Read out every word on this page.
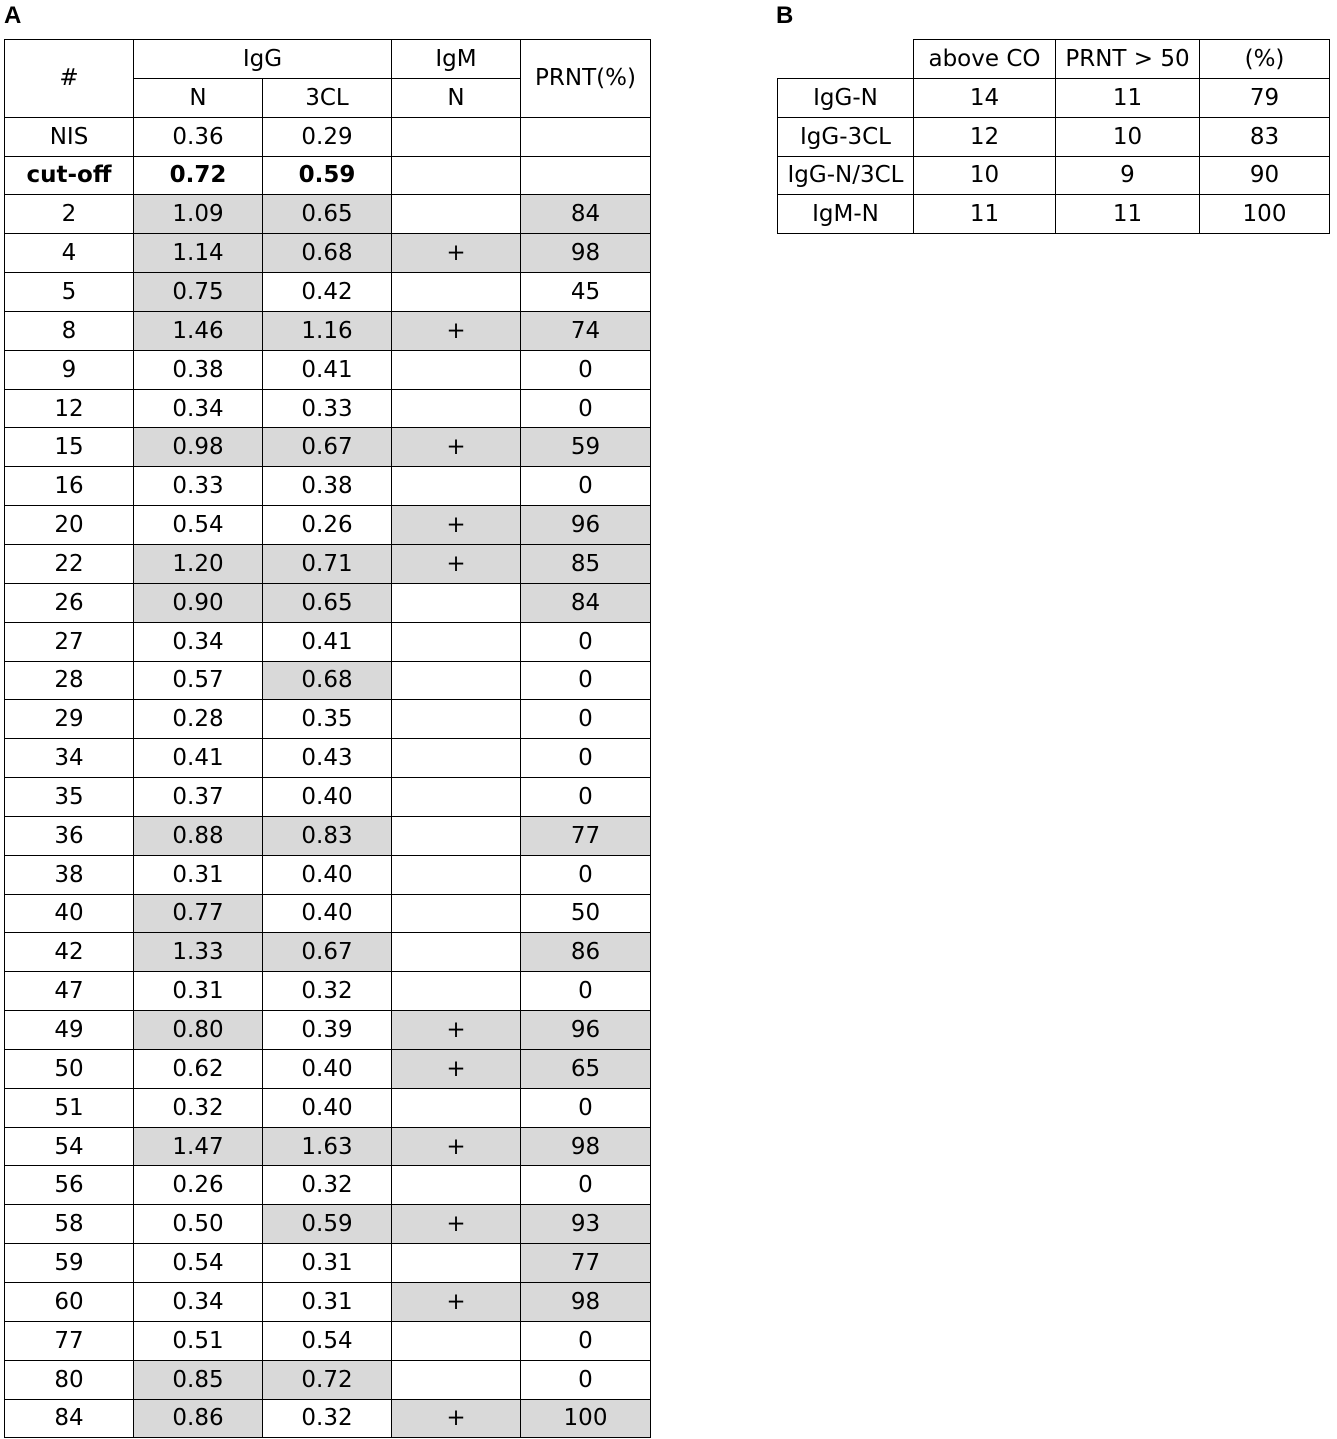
A	B
#	IgG		IgM	PRNT(%)
	N	3CL	N	
NIS	0.36	0.29		
cut-off	0.72	0.59		
2	1.09	0.65		84
4	1.14	0.68	+	98
5	0.75	0.42		45
8	1.46	1.16	+	74
9	0.38	0.41		0
12	0.34	0.33		0
15	0.98	0.67	+	59
16	0.33	0.38		0
20	0.54	0.26	+	96
22	1.20	0.71	+	85
26	0.90	0.65		84
27	0.34	0.41		0
28	0.57	0.68		0
29	0.28	0.35		0
34	0.41	0.43		0
35	0.37	0.40		0
36	0.88	0.83		77
38	0.31	0.40		0
40	0.77	0.40		50
42	1.33	0.67		86
47	0.31	0.32		0
49	0.80	0.39	+	96
50	0.62	0.40	+	65
51	0.32	0.40		0
54	1.47	1.63	+	98
56	0.26	0.32		0
58	0.50	0.59	+	93
59	0.54	0.31		77
60	0.34	0.31	+	98
77	0.51	0.54		0
80	0.85	0.72		0
84	0.86	0.32	+	100
	above CO	PRNT > 50	(%)
IgG-N	14	11	79
IgG-3CL	12	10	83
IgG-N/3CL	10	9	90
IgM-N	11	11	100
